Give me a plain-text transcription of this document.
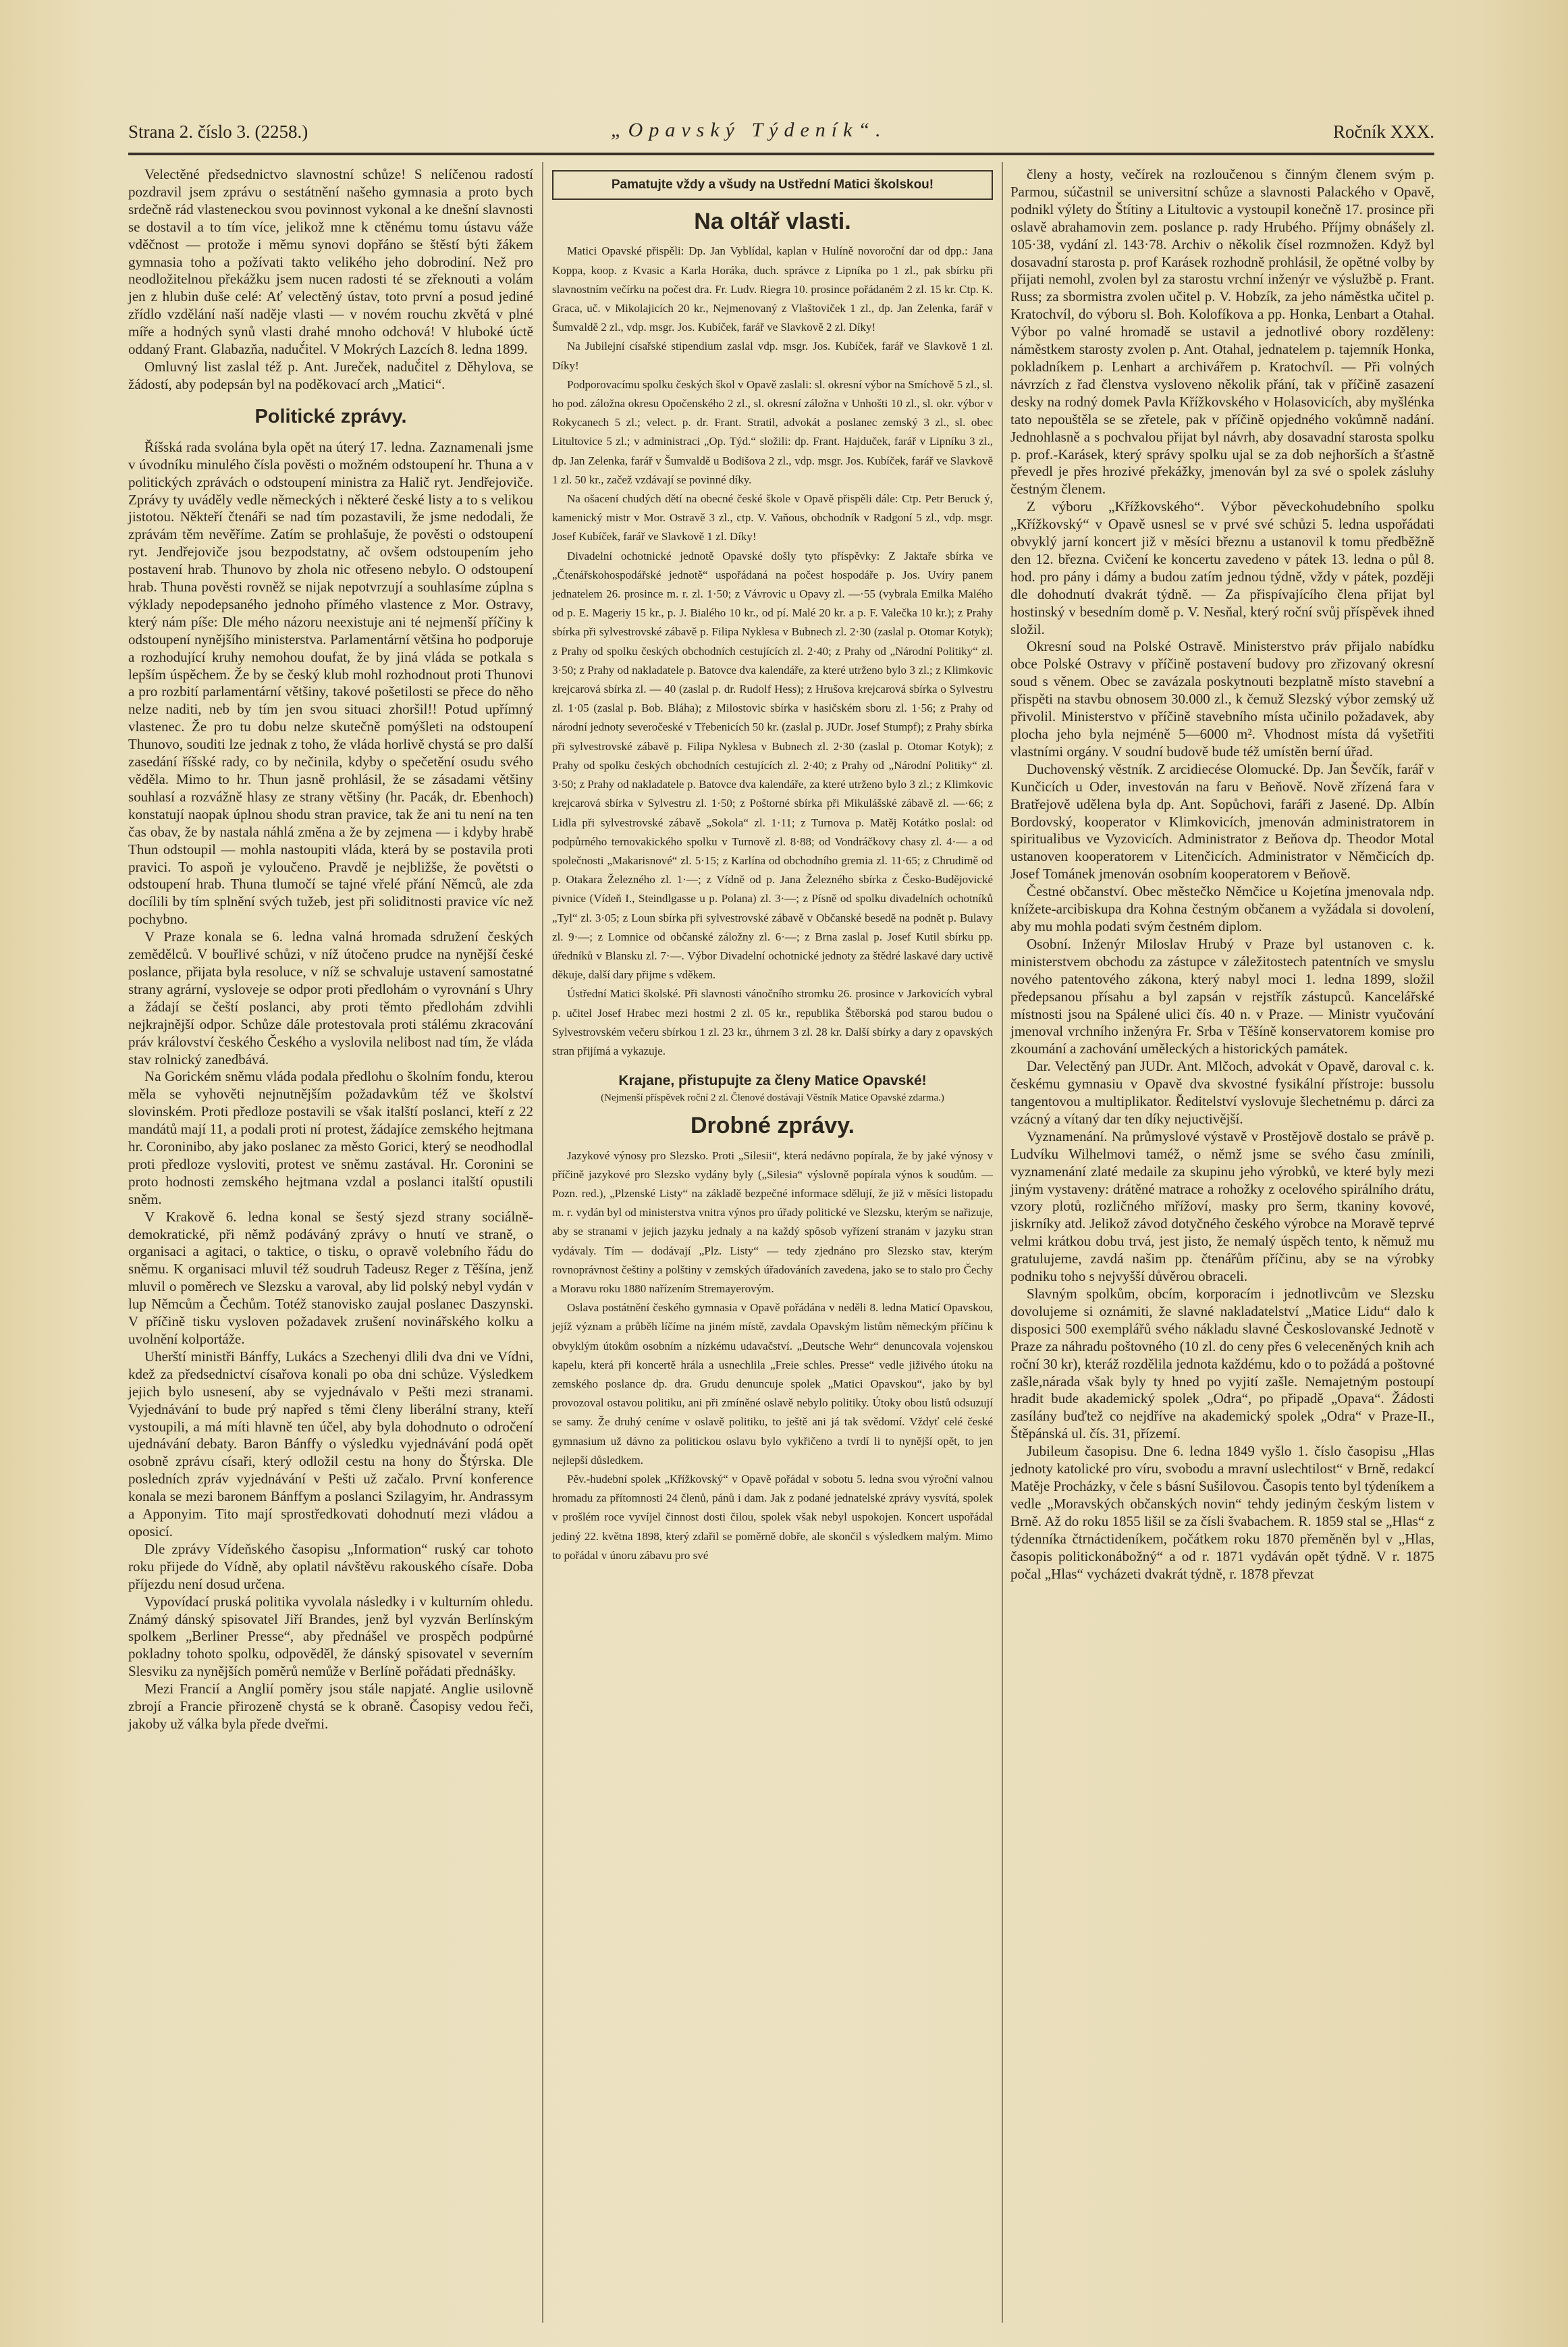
Strana 2. číslo 3. (2258.)	„Opavský Týdeník“.	Ročník XXX.

Velectěné předsednictvo slavnostní schůze! S nelíčenou radostí pozdravil jsem zprávu o sestátnění našeho gymnasia a proto bych srdečně rád vlasteneckou svou povinnost vykonal a ke dnešní slavnosti se dostavil a to tím více, jelikož mne k ctěnému tomu ústavu váže vděčnost — protože i měmu synovi dopřáno se štěstí býti žákem gymnasia toho a požívati takto velikého jeho dobrodiní. Než pro neodložitelnou překážku jsem nucen radosti té se zřeknouti a volám jen z hlubin duše celé: Ať velectěný ústav, toto první a posud jediné zřídlo vzdělání naší naděje vlasti — v novém rouchu zkvětá v plné míře a hodných synů vlasti drahé mnoho odchová! V hluboké úctě oddaný Frant. Glabazňa, naduč́itel. V Mokrých Lazcích 8. ledna 1899.

Omluvný list zaslal též p. Ant. Jureček, naduč́itel z Děhylova, se žádostí, aby podepsán byl na poděkovací arch „Matici“.

Politické zprávy.

Říšská rada svolána byla opět na úterý 17. ledna. Zaznamenali jsme v úvodníku minulého čísla pověsti o možném odstoupení hr. Thuna a v politických zprávách o odstoupení ministra za Halič ryt. Jendřejoviče. Zprávy ty uváděly vedle německých i některé české listy a to s velikou jistotou. Někteří čtenáři se nad tím pozastavili, že jsme nedodali, že zprávám těm nevěříme. Zatím se prohlašuje, že pověsti o odstoupení ryt. Jendřejoviče jsou bezpodstatny, ač ovšem odstoupením jeho postavení hrab. Thunovo by zhola nic otřeseno nebylo. O odstoupení hrab. Thuna pověsti rovněž se nijak nepotvrzují a souhlasíme zúplna s výklady nepodepsaného jednoho přímého vlastence z Mor. Ostravy, který nám píše: Dle mého názoru neexistuje ani té nejmenší příčiny k odstoupení nynějšího ministerstva. Parlamentární většina ho podporuje a rozhodující kruhy nemohou doufat, že by jiná vláda se potkala s lepším úspěchem. Že by se český klub mohl rozhodnout proti Thunovi a pro rozbití parlamentární většiny, takové pošetilosti se přece do něho nelze naditi, neb by tím jen svou situaci zhoršil!! Potud upřímný vlastenec. Že pro tu dobu nelze skutečně pomýšleti na odstoupení Thunovo, souditi lze jednak z toho, že vláda horlivě chystá se pro další zasedání říšské rady, co by nečinila, kdyby o spečetění osudu svého věděla. Mimo to hr. Thun jasně prohlásil, že se zásadami většiny souhlasí a rozvážně hlasy ze strany většiny (hr. Pacák, dr. Ebenhoch) konstatují naopak úplnou shodu stran pravice, tak že ani tu není na ten čas obav, že by nastala náhlá změna a že by zejmena — i kdyby hrabě Thun odstoupil — mohla nastoupiti vláda, která by se postavila proti pravici. To aspoň je vyloučeno. Pravdě je nejbližše, že povětsti o odstoupení hrab. Thuna tlumočí se tajné vřelé přání Němců, ale zda docílili by tím splnění svých tužeb, jest při soliditnosti pravice víc než pochybno.

V Praze konala se 6. ledna valná hromada sdružení českých zemědělců. V bouřlivé schůzi, v níž útočeno prudce na nynější české poslance, přijata byla resoluce, v níž se schvaluje ustavení samostatné strany agrární, vysloveje se odpor proti předlohám o vyrovnání s Uhry a žádají se čeští poslanci, aby proti těmto předlohám zdvihli nejkrajnější odpor. Schůze dále protestovala proti stálému zkracování práv království českého Českého a vyslovila nelibost nad tím, že vláda stav rolnický zanedbává.

Na Gorickém sněmu vláda podala předlohu o školním fondu, kterou měla se vyhověti nejnutnějším požadavkům též ve školství slovinském. Proti předloze postavili se však italští poslanci, kteří z 22 mandátů mají 11, a podali proti ní protest, žádajíce zemského hejtmana hr. Coroninibo, aby jako poslanec za město Gorici, který se neodhodlal proti předloze vysloviti, protest ve sněmu zastával. Hr. Coronini se proto hodnosti zemského hejtmana vzdal a poslanci italští opustili sněm.

V Krakově 6. ledna konal se šestý sjezd strany sociálně-demokratické, při němž podáváný zprávy o hnutí ve straně, o organisaci a agitaci, o taktice, o tisku, o opravě volebního řádu do sněmu. K organisaci mluvil též soudruh Tadeusz Reger z Těšína, jenž mluvil o poměrech ve Slezsku a varoval, aby lid polský nebyl vydán v lup Němcům a Čechům. Totéž stanovisko zaujal poslanec Daszynski. V příčině tisku vysloven požadavek zrušení novinářského kolku a uvolnění kolportáže.

Uherští ministři Bánffy, Lukács a Szechenyi dlili dva dni ve Vídni, kdež za předsednictví císařova konali po oba dni schůze. Výsledkem jejich bylo usnesení, aby se vyjednávalo v Pešti mezi stranami. Vyjednávání to bude prý napřed s těmi členy liberální strany, kteří vystoupili, a má míti hlavně ten účel, aby byla dohodnuto o odročení ujednávání debaty. Baron Bánffy o výsledku vyjednávání podá opět osobně zprávu císaři, který odložil cestu na hony do Štýrska. Dle posledních zpráv vyjednávání v Pešti už začalo. První konference konala se mezi baronem Bánffym a poslanci Szilagyim, hr. Andrassym a Apponyim. Tito mají sprostředkovati dohodnutí mezi vládou a oposicí.

Dle zprávy Vídeňského časopisu „Information“ ruský car tohoto roku přijede do Vídně, aby oplatil návštěvu rakouského císaře. Doba příjezdu není dosud určena.

Vypovídací pruská politika vyvolala následky i v kulturním ohledu. Známý dánský spisovatel Jiří Brandes, jenž byl vyzván Berlínským spolkem „Berliner Presse“, aby přednášel ve prospěch podpůrné pokladny tohoto spolku, odpověděl, že dánský spisovatel v severním Slesviku za nynějších poměrů nemůže v Berlíně pořádati přednášky.

Mezi Francií a Anglií poměry jsou stále napjaté. Anglie usilovně zbrojí a Francie přirozeně chystá se k obraně. Časopisy vedou řeči, jakoby už válka byla přede dveřmi.

Pamatujte vždy a všudy na Ustřední Matici školskou!
Na oltář vlasti.

Matici Opavské přispěli: Dp. Jan Vyblídal, kaplan v Hulíně novoroční dar od dpp.: Jana Koppa, koop. z Kvasic a Karla Horáka, duch. správce z Lipníka po 1 zl., pak sbírku při slavnostním večírku na počest dra. Fr. Ludv. Riegra 10. prosince pořádaném 2 zl. 15 kr. Ctp. K. Graca, uč. v Mikolajicích 20 kr., Nejmenovaný z Vlaštoviček 1 zl., dp. Jan Zelenka, farář v Šumvaldě 2 zl., vdp. msgr. Jos. Kubíček, farář ve Slavkově 2 zl. Díky!

Na Jubilejní císařské stipendium zaslal vdp. msgr. Jos. Kubíček, farář ve Slavkově 1 zl. Díky!

Podporovacímu spolku českých škol v Opavě zaslali: sl. okresní výbor na Smíchově 5 zl., sl. ho pod. záložna okresu Opočenského 2 zl., sl. okresní záložna v Unhošti 10 zl., sl. okr. výbor v Rokycanech 5 zl.; velect. p. dr. Frant. Stratil, advokát a poslanec zemský 3 zl., sl. obec Litultovice 5 zl.; v administraci „Op. Týd.“ složili: dp. Frant. Hajduček, farář v Lipníku 3 zl., dp. Jan Zelenka, farář v Šumvaldě u Bodišova 2 zl., vdp. msgr. Jos. Kubíček, farář ve Slavkově 1 zl. 50 kr., začež vzdávají se povinné díky.

Na ošacení chudých dětí na obecné české škole v Opavě přispěli dále: Ctp. Petr Beruck ý, kamenický mistr v Mor. Ostravě 3 zl., ctp. V. Vaňous, obchodník v Radgoní 5 zl., vdp. msgr. Josef Kubíček, farář ve Slavkově 1 zl. Díky!

Divadelní ochotnické jednotě Opavské došly tyto příspěvky: Z Jaktaře sbírka ve „Čtenářskohospodářské jednotě“ uspořádaná na počest hospodáře p. Jos. Uvíry panem jednatelem 26. prosince m. r. zl. 1·50; z Vávrovic u Opavy zl. —·55 (vybrala Emilka Malého od p. E. Mageriy 15 kr., p. J. Bialého 10 kr., od pí. Malé 20 kr. a p. F. Valečka 10 kr.); z Prahy sbírka při sylvestrovské zábavě p. Filipa Nyklesa v Bubnech zl. 2·30 (zaslal p. Otomar Kotyk); z Prahy od spolku českých obchodních cestujících zl. 2·40; z Prahy od „Národní Politiky“ zl. 3·50; z Prahy od nakladatele p. Batovce dva kalendáře, za které utrženo bylo 3 zl.; z Klimkovic krejcarová sbírka zl. — 40 (zaslal p. dr. Rudolf Hess); z Hrušova krejcarová sbírka o Sylvestru zl. 1·05 (zaslal p. Bob. Bláha); z Milostovic sbírka v hasičském sboru zl. 1·56; z Prahy od národní jednoty severočeské v Třebenicích 50 kr. (zaslal p. JUDr. Josef Stumpf); z Prahy sbírka při sylvestrovské zábavě p. Filipa Nyklesa v Bubnech zl. 2·30 (zaslal p. Otomar Kotyk); z Prahy od spolku českých obchodních cestujících zl. 2·40; z Prahy od „Národní Politiky“ zl. 3·50; z Prahy od nakladatele p. Batovce dva kalendáře, za které utrženo bylo 3 zl.; z Klimkovic krejcarová sbírka v Sylvestru zl. 1·50; z Poštorné sbírka při Mikulášské zábavě zl. —·66; z Lidla při sylvestrovské zábavě „Sokola“ zl. 1·11; z Turnova p. Matěj Kotátko poslal: od podpůrného ternovakického spolku v Turnově zl. 8·88; od Vondráčkovy chasy zl. 4·— a od společnosti „Makarisnové“ zl. 5·15; z Karlína od obchodního gremia zl. 11·65; z Chrudimě od p. Otakara Železného zl. 1·—; z Vídně od p. Jana Železného sbírka z Česko-Budějovické pivnice (Vídeň I., Steindlgasse u p. Polana) zl. 3·—; z Písně od spolku divadelních ochotníků „Tyl“ zl. 3·05; z Loun sbírka při sylvestrovské zábavě v Občanské besedě na podnět p. Bulavy zl. 9·—; z Lomnice od občanské záložny zl. 6·—; z Brna zaslal p. Josef Kutil sbírku pp. úředníků v Blansku zl. 7·—. Výbor Divadelní ochotnické jednoty za štědré laskavé dary uctivě děkuje, další dary přijme s vděkem.

Ústřední Matici školské. Při slavnosti vánočního stromku 26. prosince v Jarkovicích vybral p. učitel Josef Hrabec mezi hostmi 2 zl. 05 kr., republika Štěborská pod starou budou o Sylvestrovském večeru sbírkou 1 zl. 23 kr., úhrnem 3 zl. 28 kr. Další sbírky a dary z opavských stran přijímá a vykazuje.

Krajane, přistupujte za členy Matice Opavské!
(Nejmenší příspěvek roční 2 zl. Členové dostávají Věstník Matice Opavské zdarma.)
Drobné zprávy.

Jazykové výnosy pro Slezsko. Proti „Silesii“, která nedávno popírala, že by jaké výnosy v příčině jazykové pro Slezsko vydány byly („Silesia“ výslovně popírala výnos k soudům. — Pozn. red.), „Plzenské Listy“ na základě bezpečné informace sdělují, že již v měsíci listopadu m. r. vydán byl od ministerstva vnitra výnos pro úřady politické ve Slezsku, kterým se nařizuje, aby se stranami v jejich jazyku jednaly a na každý spôsob vyřízení stranám v jazyku stran vydávaly. Tím — dodávají „Plz. Listy“ — tedy zjednáno pro Slezsko stav, kterým rovnoprávnost češtiny a polštiny v zemských úřadováních zavedena, jako se to stalo pro Čechy a Moravu roku 1880 nařízením Stremayerovým.

Oslava postátnění českého gymnasia v Opavě pořádána v neděli 8. ledna Maticí Opavskou, jejíž význam a průběh líčíme na jiném místě, zavdala Opavským listům německým příčinu k obvyklým útokům osobním a nízkému udavačství. „Deutsche Wehr“ denuncovala vojenskou kapelu, která při koncertě hrála a usnechlila „Freie schles. Presse“ vedle jiživého útoku na zemského poslance dp. dra. Grudu denuncuje spolek „Matici Opavskou“, jako by byl provozoval ostavou politiku, ani při zmíněné oslavě nebylo politiky. Útoky obou listů odsuzují se samy. Že druhý ceníme v oslavě politiku, to ještě ani já tak svědomí. Vždyť celé české gymnasium už dávno za politickou oslavu bylo vykřičeno a tvrdí li to nynější opět, to jen nejlepší důsledkem.

Pěv.-hudební spolek „Křížkovský“ v Opavě pořádal v sobotu 5. ledna svou výroční valnou hromadu za přítomnosti 24 členů, pánů i dam. Jak z podané jednatelské zprávy vysvítá, spolek v prošlém roce vyvíjel činnost dosti čilou, spolek však nebyl uspokojen. Koncert uspořádal jediný 22. května 1898, který zdařil se poměrně dobře, ale skončil s výsledkem malým. Mimo to pořádal v únoru zábavu pro své

členy a hosty, večírek na rozloučenou s činným členem svým p. Parmou, súčastnil se universitní schůze a slavnosti Palackého v Opavě, podnikl výlety do Štítiny a Litultovic a vystoupil konečně 17. prosince při oslavě abrahamovin zem. poslance p. rady Hrubého. Příjmy obnášely zl. 105·38, vydání zl. 143·78. Archiv o několik čísel rozmnožen. Když byl dosavadní starosta p. prof Karásek rozhodně prohlásil, že opětné volby by přijati nemohl, zvolen byl za starostu vrchní inženýr ve výslužbě p. Frant. Russ; za sbormistra zvolen učitel p. V. Hobzík, za jeho náměstka učitel p. Kratochvíl, do výboru sl. Boh. Kolofíkova a pp. Honka, Lenbart a Otahal. Výbor po valné hromadě se ustavil a jednotlivé obory rozděleny: náměstkem starosty zvolen p. Ant. Otahal, jednatelem p. tajemník Honka, pokladníkem p. Lenhart a archivářem p. Kratochvíl. — Při volných návrzích z řad členstva vysloveno několik přání, tak v příčině zasazení desky na rodný domek Pavla Křížkovského v Holasovicích, aby myšlénka tato nepouštěla se se zřetele, pak v příčině opjedného vokůmně nadání. Jednohlasně a s pochvalou přijat byl návrh, aby dosavadní starosta spolku p. prof.-Karásek, který správy spolku ujal se za dob nejhorších a šťastně převedl je přes hrozivé překážky, jmenován byl za své o spolek zásluhy čestným členem.

Z výboru „Křížkovského“. Výbor pěveckohudebního spolku „Křížkovský“ v Opavě usnesl se v prvé své schůzi 5. ledna uspořádati obvyklý jarní koncert již v měsíci březnu a ustanovil k tomu předběžně den 12. března. Cvičení ke koncertu zavedeno v pátek 13. ledna o půl 8. hod. pro pány i dámy a budou zatím jednou týdně, vždy v pátek, později dle dohodnutí dvakrát týdně. — Za přispívajícího člena přijat byl hostinský v besedním domě p. V. Nesňal, který roční svůj příspěvek ihned složil.

Okresní soud na Polské Ostravě. Ministerstvo práv přijalo nabídku obce Polské Ostravy v příčině postavení budovy pro zřizovaný okresní soud s věnem. Obec se zavázala poskytnouti bezplatně místo stavební a přispěti na stavbu obnosem 30.000 zl., k čemuž Slezský výbor zemský už přivolil. Ministerstvo v příčině stavebního místa učinilo požadavek, aby plocha jeho byla nejméně 5—6000 m². Vhodnost místa dá vyšetřiti vlastními orgány. V soudní budově bude též umístěn berní úřad.

Duchovenský věstník. Z arcidiecése Olomucké. Dp. Jan Ševčík, farář v Kunčicích u Oder, investován na faru v Beňově. Nově zřízená fara v Bratřejově udělena byla dp. Ant. Sopůchovi, faráři z Jasené. Dp. Albín Bordovský, kooperator v Klimkovicích, jmenován administratorem in spiritualibus ve Vyzovicích. Administrator z Beňova dp. Theodor Motal ustanoven kooperatorem v Litenčicích. Administrator v Němčicích dp. Josef Tománek jmenován osobním kooperatorem v Beňově.

Čestné občanství. Obec městečko Němčice u Kojetína jmenovala ndp. knížete-arcibiskupa dra Kohna čestným občanem a vyžádala si dovolení, aby mu mohla podati svým čestném diplom.

Osobní. Inženýr Miloslav Hrubý v Praze byl ustanoven c. k. ministerstvem obchodu za zástupce v záležitostech patentních ve smyslu nového patentového zákona, který nabyl moci 1. ledna 1899, složil předepsanou přísahu a byl zapsán v rejstřík zástupců. Kancelářské místnosti jsou na Spálené ulici čís. 40 n. v Praze. — Ministr vyučování jmenoval vrchního inženýra Fr. Srba v Těšíně konservatorem komise pro zkoumání a zachování uměleckých a historických památek.

Dar. Velectěný pan JUDr. Ant. Mlčoch, advokát v Opavě, daroval c. k. českému gymnasiu v Opavě dva skvostné fysikální přístroje: bussolu tangentovou a multiplikator. Ředitelství vyslovuje šlechetnému p. dárci za vzácný a vítaný dar ten díky nejuctivější.

Vyznamenání. Na průmyslové výstavě v Prostějově dostalo se právě p. Ludvíku Wilhelmovi taméž, o němž jsme se svého času zmínili, vyznamenání zlaté medaile za skupinu jeho výrobků, ve které byly mezi jiným vystaveny: drátěné matrace a rohožky z ocelového spirálního drátu, vzory plotů, rozličného mřížoví, masky pro šerm, tkaniny kovové, jiskrníky atd. Jelikož závod dotyčného českého výrobce na Moravě teprvé velmi krátkou dobu trvá, jest jisto, že nemalý úspěch tento, k němuž mu gratulujeme, zavdá našim pp. čtenářům příčinu, aby se na výrobky podniku toho s nejvyšší důvěrou obraceli.

Slavným spolkům, obcím, korporacím i jednotlivcům ve Slezsku dovolujeme si oznámiti, že slavné nakladatelství „Matice Lidu“ dalo k disposici 500 exemplářů svého nákladu slavné Českoslovanské Jednotě v Praze za náhradu poštovného (10 zl. do ceny přes 6 veleceněných knih ach roční 30 kr), kteráž rozdělila jednota každému, kdo o to požádá a poštovné zašle,nárada však byly ty hned po vyjití zašle. Nemajetným postoupí hradit bude akademický spolek „Odra“, po připadě „Opava“. Žádosti zasílány buďtež co nejdříve na akademický spolek „Odra“ v Praze-II., Štěpánská ul. čís. 31, přízemí.

Jubileum časopisu. Dne 6. ledna 1849 vyšlo 1. číslo časopisu „Hlas jednoty katolické pro víru, svobodu a mravní uslechtilost“ v Brně, redakcí Matěje Procházky, v čele s básní Sušilovou. Časopis tento byl týdeníkem a vedle „Moravských občanských novin“ tehdy jediným českým listem v Brně. Až do roku 1855 lišil se za čísli švabachem. R. 1859 stal se „Hlas“ z týdenníka čtrnáctideníkem, počátkem roku 1870 přeměněn byl v „Hlas, časopis politickonábožný“ a od r. 1871 vydáván opět týdně. V r. 1875 počal „Hlas“ vycházeti dvakrát týdně, r. 1878 převzat
